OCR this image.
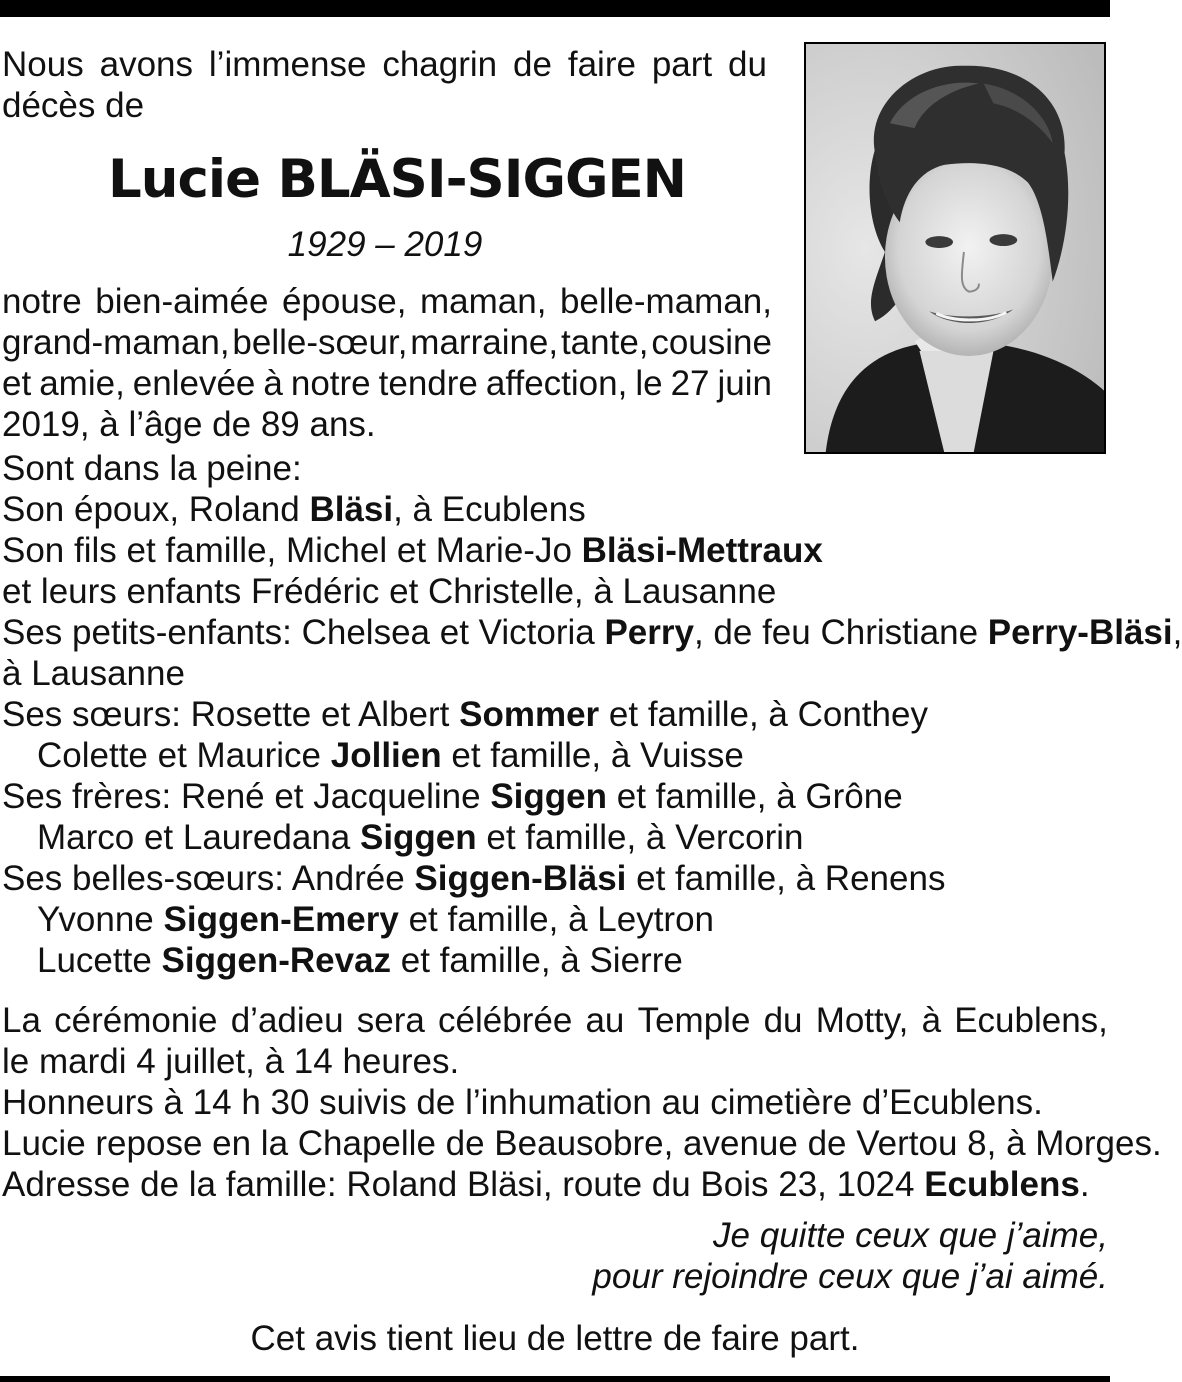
Nous avons l’immense chagrin de faire part du
décès de
Lucie BLÄSI-SIGGEN
1929 – 2019
notre bien-aimée épouse, maman, belle-maman,
grand-maman, belle-sœur, marraine, tante, cousine
et amie, enlevée à notre tendre affection, le 27 juin
2019, à l’âge de 89 ans.
Sont dans la peine:
Son époux, Roland Bläsi, à Ecublens
Son fils et famille, Michel et Marie-Jo Bläsi-Mettraux
et leurs enfants Frédéric et Christelle, à Lausanne
Ses petits-enfants: Chelsea et Victoria Perry, de feu Christiane Perry-Bläsi,
à Lausanne
Ses sœurs: Rosette et Albert Sommer et famille, à Conthey
Colette et Maurice Jollien et famille, à Vuisse
Ses frères: René et Jacqueline Siggen et famille, à Grône
Marco et Lauredana Siggen et famille, à Vercorin
Ses belles-sœurs: Andrée Siggen-Bläsi et famille, à Renens
Yvonne Siggen-Emery et famille, à Leytron
Lucette Siggen-Revaz et famille, à Sierre
La cérémonie d’adieu sera célébrée au Temple du Motty, à Ecublens,
le mardi 4 juillet, à 14 heures.
Honneurs à 14 h 30 suivis de l’inhumation au cimetière d’Ecublens.
Lucie repose en la Chapelle de Beausobre, avenue de Vertou 8, à Morges.
Adresse de la famille: Roland Bläsi, route du Bois 23, 1024 Ecublens.
Je quitte ceux que j’aime,
pour rejoindre ceux que j’ai aimé.
Cet avis tient lieu de lettre de faire part.
